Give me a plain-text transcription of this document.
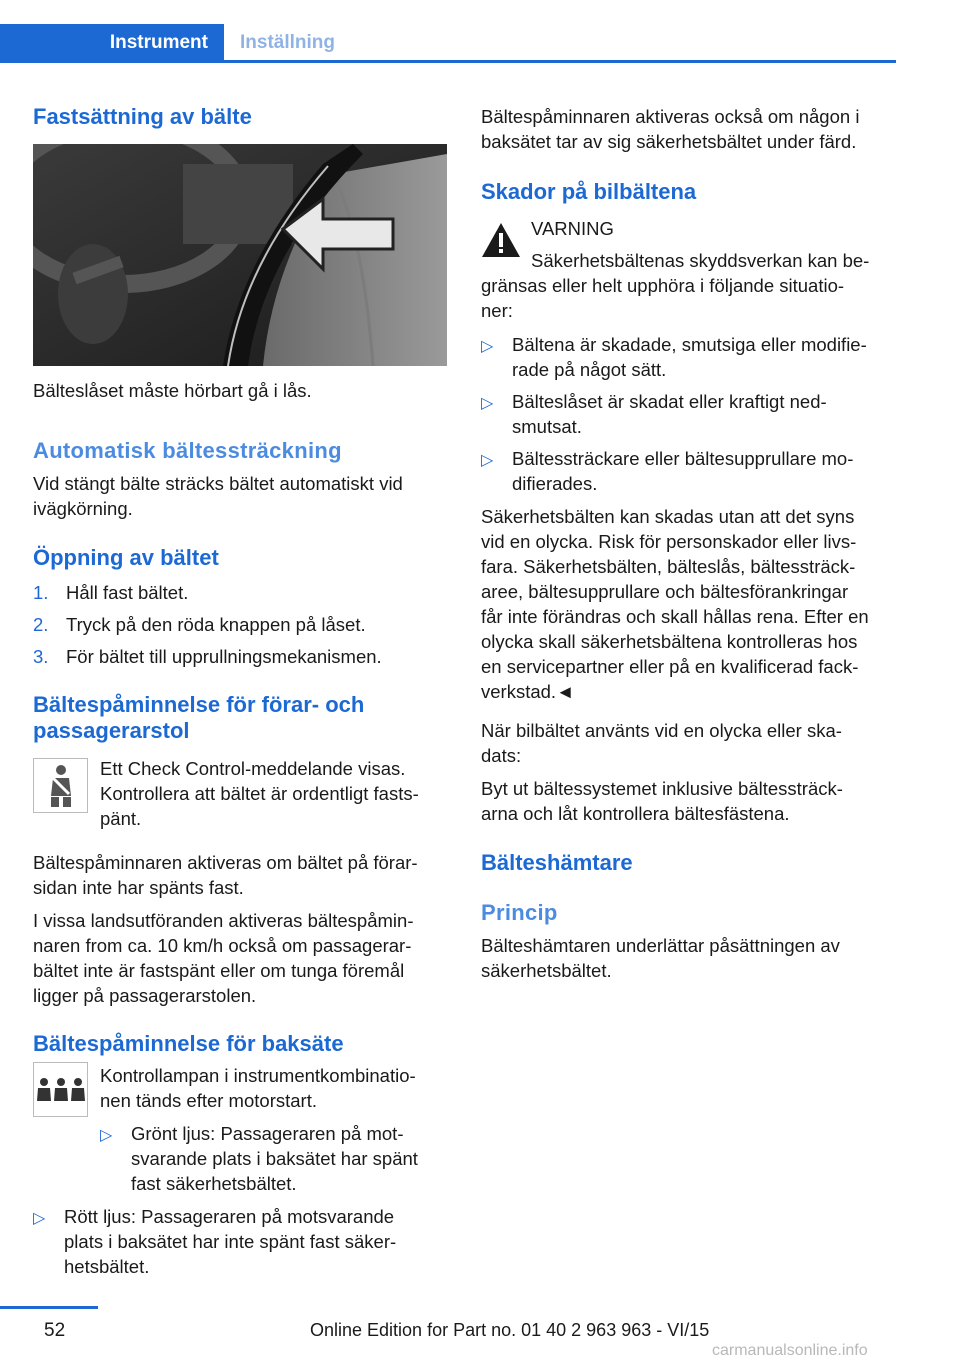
Instrument	Inställning
Fastsättning av bälte
Bälteslåset måste hörbart gå i lås.
Automatisk bältessträckning
Vid stängt bälte sträcks bältet automatiskt vid
ivägkörning.
Öppning av bältet
1. Håll fast bältet.
2. Tryck på den röda knappen på låset.
3. För bältet till upprullningsmekanismen.
Bältespåminnelse för förar- och
passagerarstol
Ett Check Control-meddelande visas.
Kontrollera att bältet är ordentligt fasts-
pänt.
Bältespåminnaren aktiveras om bältet på förar-
sidan inte har spänts fast.
I vissa landsutföranden aktiveras bältespåmin-
naren from ca. 10 km/h också om passagerar-
bältet inte är fastspänt eller om tunga föremål
ligger på passagerarstolen.
Bältespåminnelse för baksäte
Kontrollampan i instrumentkombinatio-
nen tänds efter motorstart.
▷ Grönt ljus: Passageraren på mot-
svarande plats i baksätet har spänt
fast säkerhetsbältet.
▷ Rött ljus: Passageraren på motsvarande
plats i baksätet har inte spänt fast säker-
hetsbältet.
Bältespåminnaren aktiveras också om någon i
baksätet tar av sig säkerhetsbältet under färd.
Skador på bilbältena
VARNING
Säkerhetsbältenas skyddsverkan kan be-
gränsas eller helt upphöra i följande situatio-
ner:
▷ Bältena är skadade, smutsiga eller modifie-
rade på något sätt.
▷ Bälteslåset är skadat eller kraftigt ned-
smutsat.
▷ Bältessträckare eller bältesupprullare mo-
difierades.
Säkerhetsbälten kan skadas utan att det syns
vid en olycka. Risk för personskador eller livs-
fara. Säkerhetsbälten, bälteslås, bältessträck-
aree, bältesupprullare och bältesförankringar
får inte förändras och skall hållas rena. Efter en
olycka skall säkerhetsbältena kontrolleras hos
en servicepartner eller på en kvalificerad fack-
verkstad.◄
När bilbältet använts vid en olycka eller ska-
dats:
Byt ut bältessystemet inklusive bältessträck-
arna och låt kontrollera bältesfästena.
Bälteshämtare
Princip
Bälteshämtaren underlättar påsättningen av
säkerhetsbältet.
52	Online Edition for Part no. 01 40 2 963 963 - VI/15
carmanualsonline.info
